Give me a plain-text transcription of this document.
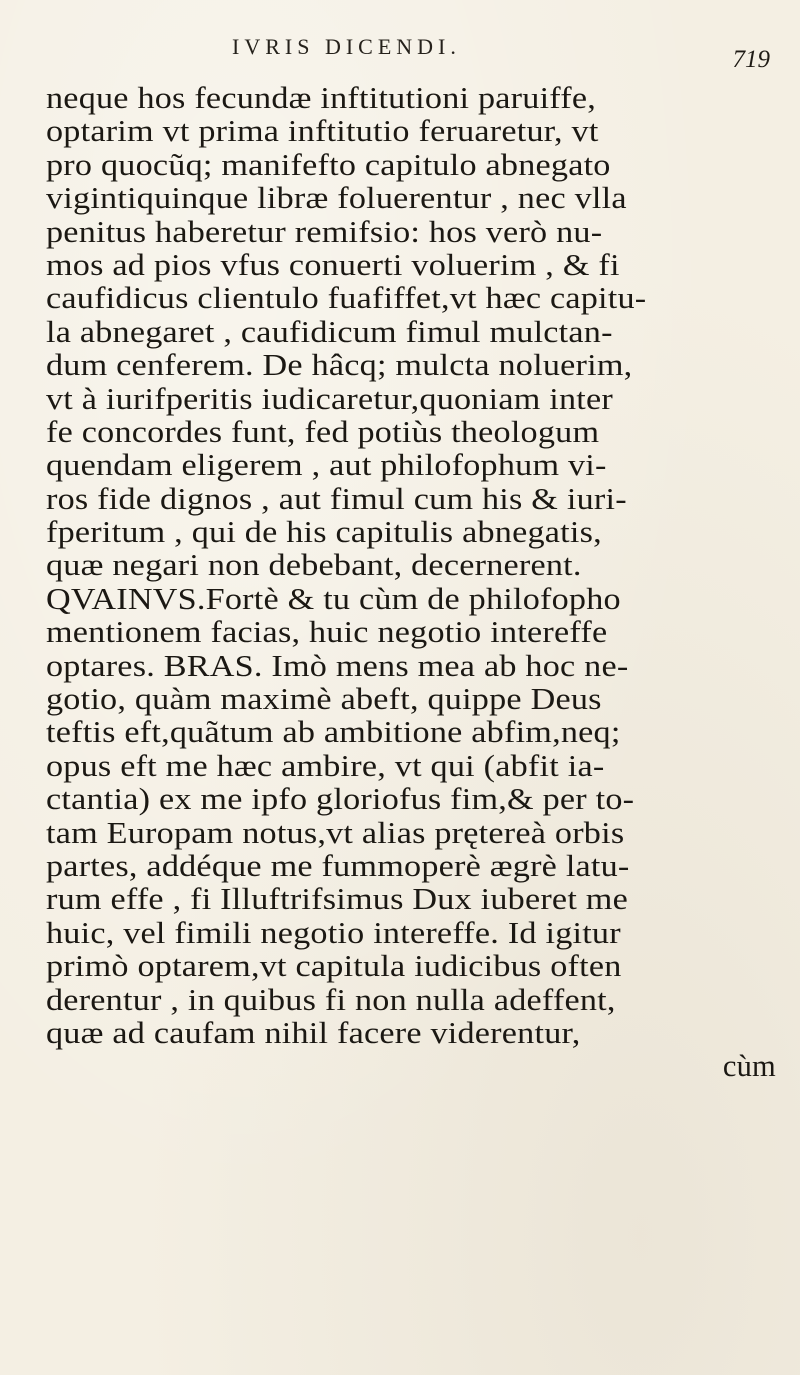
IVRIS DICENDI.	719
neque hos fecundæ inftitutioni paruiffe,
optarim vt prima inftitutio feruaretur, vt
pro quocũq; manifefto capitulo abnegato
vigintiquinque libræ foluerentur , nec vlla
penitus haberetur remifsio: hos verò nu-
mos ad pios vfus conuerti voluerim , & fi
caufidicus clientulo fuafiffet,vt hæc capitu-
la abnegaret , caufidicum fimul mulctan-
dum cenferem. De hâcq; mulcta noluerim,
vt à iurifperitis iudicaretur,quoniam inter
fe concordes funt, fed potiùs theologum
quendam eligerem , aut philofophum vi-
ros fide dignos , aut fimul cum his & iuri-
fperitum , qui de his capitulis abnegatis,
quæ negari non debebant, decernerent.
QVAINVS.Fortè & tu cùm de philofopho
mentionem facias, huic negotio intereffe
optares. BRAS. Imò mens mea ab hoc ne-
gotio, quàm maximè abeft, quippe Deus
teftis eft,quãtum ab ambitione abfim,neq;
opus eft me hæc ambire, vt qui (abfit ia-
ctantia) ex me ipfo gloriofus fim,& per to-
tam Europam notus,vt alias prętereà orbis
partes, addéque me fummoperè ægrè latu-
rum effe , fi Illuftrifsimus Dux iuberet me
huic, vel fimili negotio intereffe. Id igitur
primò optarem,vt capitula iudicibus often
derentur , in quibus fi non nulla adeffent,
quæ ad caufam nihil facere viderentur,
cùm
